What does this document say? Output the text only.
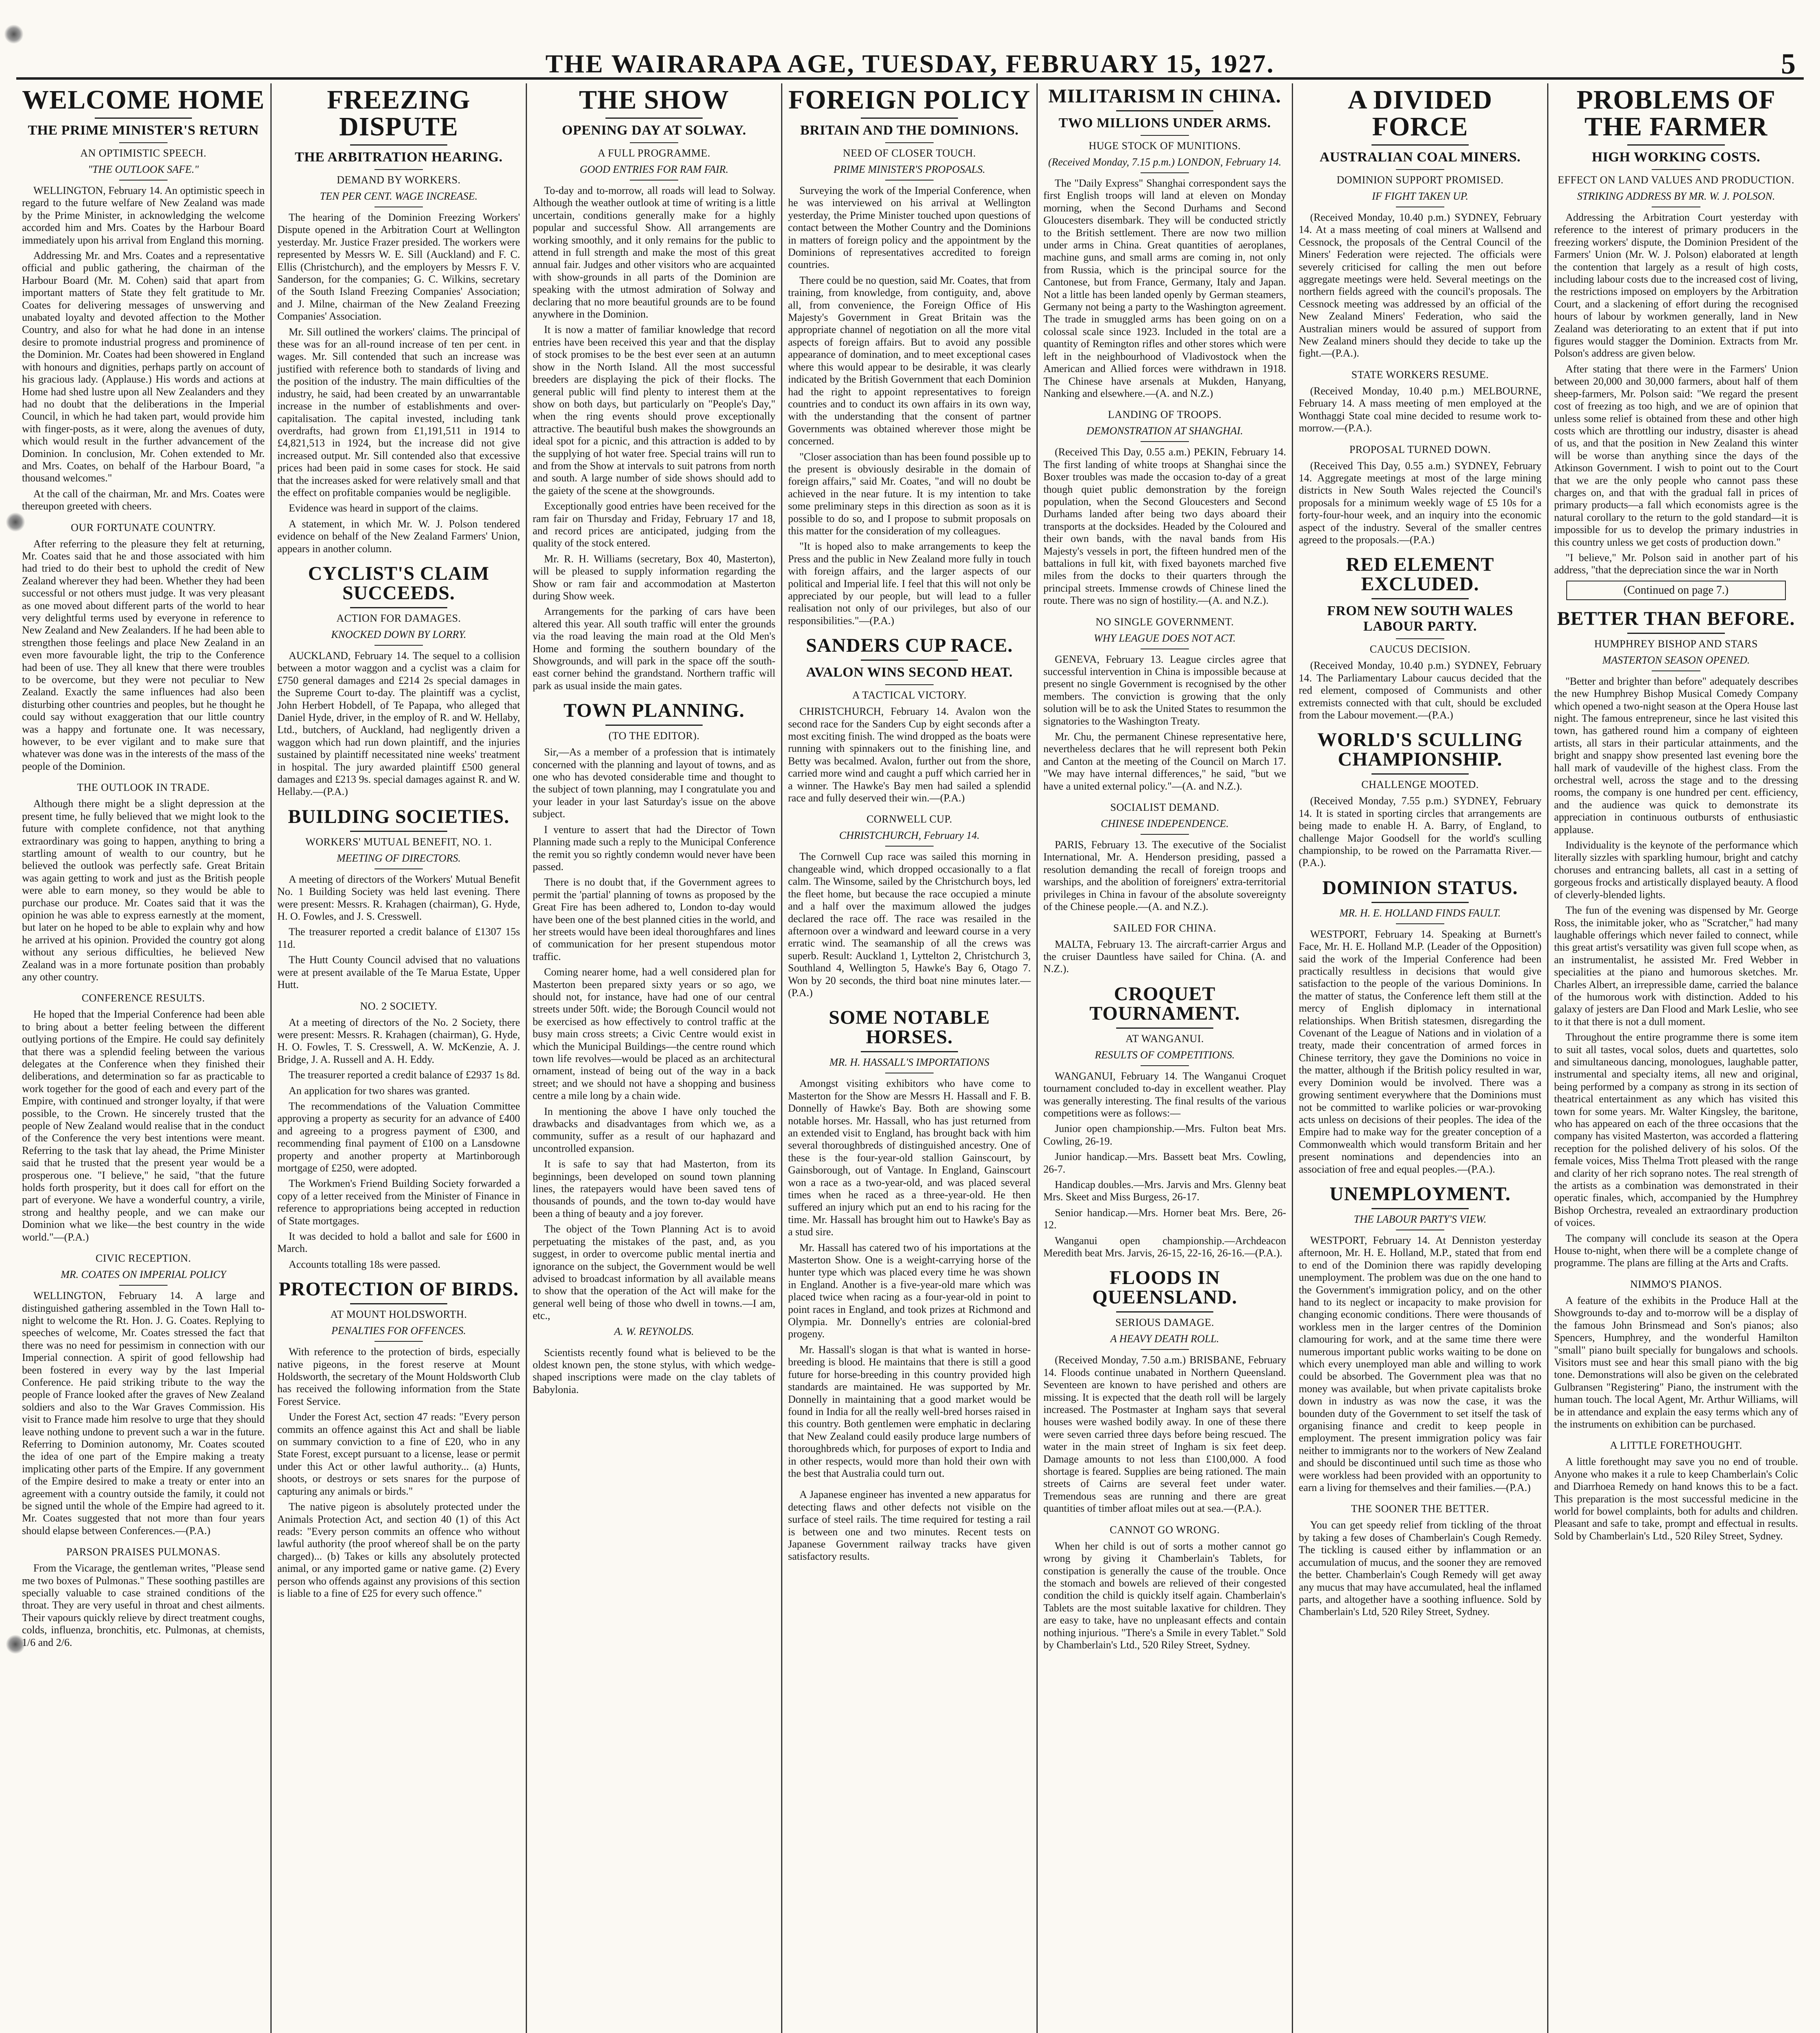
THE WAIRARAPA AGE, TUESDAY, FEBRUARY 15, 1927.	5
WELCOME HOME
THE PRIME MINISTER'S RETURN
AN OPTIMISTIC SPEECH.
"THE OUTLOOK SAFE."

WELLINGTON, February 14. An optimistic speech in regard to the future welfare of New Zealand was made by the Prime Minister, in acknowledging the welcome accorded him and Mrs. Coates by the Harbour Board immediately upon his arrival from England this morning.

Addressing Mr. and Mrs. Coates and a representative official and public gathering, the chairman of the Harbour Board (Mr. M. Cohen) said that apart from important matters of State they felt gratitude to Mr. Coates for delivering messages of unswerving and unabated loyalty and devoted affection to the Mother Country, and also for what he had done in an intense desire to promote industrial progress and prominence of the Dominion. Mr. Coates had been showered in England with honours and dignities, perhaps partly on account of his gracious lady. (Applause.) His words and actions at Home had shed lustre upon all New Zealanders and they had no doubt that the deliberations in the Imperial Council, in which he had taken part, would provide him with finger-posts, as it were, along the avenues of duty, which would result in the further advancement of the Dominion. In conclusion, Mr. Cohen extended to Mr. and Mrs. Coates, on behalf of the Harbour Board, "a thousand welcomes."

At the call of the chairman, Mr. and Mrs. Coates were thereupon greeted with cheers.

OUR FORTUNATE COUNTRY.

After referring to the pleasure they felt at returning, Mr. Coates said that he and those associated with him had tried to do their best to uphold the credit of New Zealand wherever they had been. Whether they had been successful or not others must judge. It was very pleasant as one moved about different parts of the world to hear very delightful terms used by everyone in reference to New Zealand and New Zealanders. If he had been able to strengthen those feelings and place New Zealand in an even more favourable light, the trip to the Conference had been of use. They all knew that there were troubles to be overcome, but they were not peculiar to New Zealand. Exactly the same influences had also been disturbing other countries and peoples, but he thought he could say without exaggeration that our little country was a happy and fortunate one. It was necessary, however, to be ever vigilant and to make sure that whatever was done was in the interests of the mass of the people of the Dominion.

THE OUTLOOK IN TRADE.

Although there might be a slight depression at the present time, he fully believed that we might look to the future with complete confidence, not that anything extraordinary was going to happen, anything to bring a startling amount of wealth to our country, but he believed the outlook was perfectly safe. Great Britain was again getting to work and just as the British people were able to earn money, so they would be able to purchase our produce. Mr. Coates said that it was the opinion he was able to express earnestly at the moment, but later on he hoped to be able to explain why and how he arrived at his opinion. Provided the country got along without any serious difficulties, he believed New Zealand was in a more fortunate position than probably any other country.

CONFERENCE RESULTS.

He hoped that the Imperial Conference had been able to bring about a better feeling between the different outlying portions of the Empire. He could say definitely that there was a splendid feeling between the various delegates at the Conference when they finished their deliberations, and determination so far as practicable to work together for the good of each and every part of the Empire, with continued and stronger loyalty, if that were possible, to the Crown. He sincerely trusted that the people of New Zealand would realise that in the conduct of the Conference the very best intentions were meant. Referring to the task that lay ahead, the Prime Minister said that he trusted that the present year would be a prosperous one. "I believe," he said, "that the future holds forth prosperity, but it does call for effort on the part of everyone. We have a wonderful country, a virile, strong and healthy people, and we can make our Dominion what we like—the best country in the wide world."—(P.A.)

CIVIC RECEPTION.
MR. COATES ON IMPERIAL POLICY

WELLINGTON, February 14. A large and distinguished gathering assembled in the Town Hall to-night to welcome the Rt. Hon. J. G. Coates. Replying to speeches of welcome, Mr. Coates stressed the fact that there was no need for pessimism in connection with our Imperial connection. A spirit of good fellowship had been fostered in every way by the last Imperial Conference. He paid striking tribute to the way the people of France looked after the graves of New Zealand soldiers and also to the War Graves Commission. His visit to France made him resolve to urge that they should leave nothing undone to prevent such a war in the future. Referring to Dominion autonomy, Mr. Coates scouted the idea of one part of the Empire making a treaty implicating other parts of the Empire. If any government of the Empire desired to make a treaty or enter into an agreement with a country outside the family, it could not be signed until the whole of the Empire had agreed to it. Mr. Coates suggested that not more than four years should elapse between Conferences.—(P.A.)

PARSON PRAISES PULMONAS.

From the Vicarage, the gentleman writes, "Please send me two boxes of Pulmonas." These soothing pastilles are specially valuable to case strained conditions of the throat. They are very useful in throat and chest ailments. Their vapours quickly relieve by direct treatment coughs, colds, influenza, bronchitis, etc. Pulmonas, at chemists, 1/6 and 2/6.

FREEZING DISPUTE
THE ARBITRATION HEARING.
DEMAND BY WORKERS.
TEN PER CENT. WAGE INCREASE.

The hearing of the Dominion Freezing Workers' Dispute opened in the Arbitration Court at Wellington yesterday. Mr. Justice Frazer presided. The workers were represented by Messrs W. E. Sill (Auckland) and F. C. Ellis (Christchurch), and the employers by Messrs F. V. Sanderson, for the companies; G. C. Wilkins, secretary of the South Island Freezing Companies' Association; and J. Milne, chairman of the New Zealand Freezing Companies' Association.

Mr. Sill outlined the workers' claims. The principal of these was for an all-round increase of ten per cent. in wages. Mr. Sill contended that such an increase was justified with reference both to standards of living and the position of the industry. The main difficulties of the industry, he said, had been created by an unwarrantable increase in the number of establishments and over-capitalisation. The capital invested, including tank overdrafts, had grown from £1,191,511 in 1914 to £4,821,513 in 1924, but the increase did not give increased output. Mr. Sill contended also that excessive prices had been paid in some cases for stock. He said that the increases asked for were relatively small and that the effect on profitable companies would be negligible.

Evidence was heard in support of the claims.

A statement, in which Mr. W. J. Polson tendered evidence on behalf of the New Zealand Farmers' Union, appears in another column.

CYCLIST'S CLAIM SUCCEEDS.
ACTION FOR DAMAGES.
KNOCKED DOWN BY LORRY.

AUCKLAND, February 14. The sequel to a collision between a motor waggon and a cyclist was a claim for £750 general damages and £214 2s special damages in the Supreme Court to-day. The plaintiff was a cyclist, John Herbert Hobdell, of Te Papapa, who alleged that Daniel Hyde, driver, in the employ of R. and W. Hellaby, Ltd., butchers, of Auckland, had negligently driven a waggon which had run down plaintiff, and the injuries sustained by plaintiff necessitated nine weeks' treatment in hospital. The jury awarded plaintiff £500 general damages and £213 9s. special damages against R. and W. Hellaby.—(P.A.)

BUILDING SOCIETIES.
WORKERS' MUTUAL BENEFIT, NO. 1.
MEETING OF DIRECTORS.

A meeting of directors of the Workers' Mutual Benefit No. 1 Building Society was held last evening. There were present: Messrs. R. Krahagen (chairman), G. Hyde, H. O. Fowles, and J. S. Cresswell.

The treasurer reported a credit balance of £1307 15s 11d.

The Hutt County Council advised that no valuations were at present available of the Te Marua Estate, Upper Hutt.

NO. 2 SOCIETY.

At a meeting of directors of the No. 2 Society, there were present: Messrs. R. Krahagen (chairman), G. Hyde, H. O. Fowles, T. S. Cresswell, A. W. McKenzie, A. J. Bridge, J. A. Russell and A. H. Eddy.

The treasurer reported a credit balance of £2937 1s 8d.

An application for two shares was granted.

The recommendations of the Valuation Committee approving a property as security for an advance of £400 and agreeing to a progress payment of £300, and recommending final payment of £100 on a Lansdowne property and another property at Martinborough mortgage of £250, were adopted.

The Workmen's Friend Building Society forwarded a copy of a letter received from the Minister of Finance in reference to appropriations being accepted in reduction of State mortgages.

It was decided to hold a ballot and sale for £600 in March.

Accounts totalling 18s were passed.

PROTECTION OF BIRDS.
AT MOUNT HOLDSWORTH.
PENALTIES FOR OFFENCES.

With reference to the protection of birds, especially native pigeons, in the forest reserve at Mount Holdsworth, the secretary of the Mount Holdsworth Club has received the following information from the State Forest Service.

Under the Forest Act, section 47 reads: "Every person commits an offence against this Act and shall be liable on summary conviction to a fine of £20, who in any State Forest, except pursuant to a license, lease or permit under this Act or other lawful authority... (a) Hunts, shoots, or destroys or sets snares for the purpose of capturing any animals or birds."

The native pigeon is absolutely protected under the Animals Protection Act, and section 40 (1) of this Act reads: "Every person commits an offence who without lawful authority (the proof whereof shall be on the party charged)... (b) Takes or kills any absolutely protected animal, or any imported game or native game. (2) Every person who offends against any provisions of this section is liable to a fine of £25 for every such offence."

THE SHOW
OPENING DAY AT SOLWAY.
A FULL PROGRAMME.
GOOD ENTRIES FOR RAM FAIR.

To-day and to-morrow, all roads will lead to Solway. Although the weather outlook at time of writing is a little uncertain, conditions generally make for a highly popular and successful Show. All arrangements are working smoothly, and it only remains for the public to attend in full strength and make the most of this great annual fair. Judges and other visitors who are acquainted with show-grounds in all parts of the Dominion are speaking with the utmost admiration of Solway and declaring that no more beautiful grounds are to be found anywhere in the Dominion.

It is now a matter of familiar knowledge that record entries have been received this year and that the display of stock promises to be the best ever seen at an autumn show in the North Island. All the most successful breeders are displaying the pick of their flocks. The general public will find plenty to interest them at the show on both days, but particularly on "People's Day," when the ring events should prove exceptionally attractive. The beautiful bush makes the showgrounds an ideal spot for a picnic, and this attraction is added to by the supplying of hot water free. Special trains will run to and from the Show at intervals to suit patrons from north and south. A large number of side shows should add to the gaiety of the scene at the showgrounds.

Exceptionally good entries have been received for the ram fair on Thursday and Friday, February 17 and 18, and record prices are anticipated, judging from the quality of the stock entered.

Mr. R. H. Williams (secretary, Box 40, Masterton), will be pleased to supply information regarding the Show or ram fair and accommodation at Masterton during Show week.

Arrangements for the parking of cars have been altered this year. All south traffic will enter the grounds via the road leaving the main road at the Old Men's Home and forming the southern boundary of the Showgrounds, and will park in the space off the south-east corner behind the grandstand. Northern traffic will park as usual inside the main gates.

TOWN PLANNING.
(TO THE EDITOR).

Sir,—As a member of a profession that is intimately concerned with the planning and layout of towns, and as one who has devoted considerable time and thought to the subject of town planning, may I congratulate you and your leader in your last Saturday's issue on the above subject.

I venture to assert that had the Director of Town Planning made such a reply to the Municipal Conference the remit you so rightly condemn would never have been passed.

There is no doubt that, if the Government agrees to permit the 'partial' planning of towns as proposed by the Great Fire has been adhered to, London to-day would have been one of the best planned cities in the world, and her streets would have been ideal thoroughfares and lines of communication for her present stupendous motor traffic.

Coming nearer home, had a well considered plan for Masterton been prepared sixty years or so ago, we should not, for instance, have had one of our central streets under 50ft. wide; the Borough Council would not be exercised as how effectively to control traffic at the busy main cross streets; a Civic Centre would exist in which the Municipal Buildings—the centre round which town life revolves—would be placed as an architectural ornament, instead of being out of the way in a back street; and we should not have a shopping and business centre a mile long by a chain wide.

In mentioning the above I have only touched the drawbacks and disadvantages from which we, as a community, suffer as a result of our haphazard and uncontrolled expansion.

It is safe to say that had Masterton, from its beginnings, been developed on sound town planning lines, the ratepayers would have been saved tens of thousands of pounds, and the town to-day would have been a thing of beauty and a joy forever.

The object of the Town Planning Act is to avoid perpetuating the mistakes of the past, and, as you suggest, in order to overcome public mental inertia and ignorance on the subject, the Government would be well advised to broadcast information by all available means to show that the operation of the Act will make for the general well being of those who dwell in towns.—I am, etc.,

A. W. REYNOLDS.

Scientists recently found what is believed to be the oldest known pen, the stone stylus, with which wedge-shaped inscriptions were made on the clay tablets of Babylonia.

FOREIGN POLICY
BRITAIN AND THE DOMINIONS.
NEED OF CLOSER TOUCH.
PRIME MINISTER'S PROPOSALS.

Surveying the work of the Imperial Conference, when he was interviewed on his arrival at Wellington yesterday, the Prime Minister touched upon questions of contact between the Mother Country and the Dominions in matters of foreign policy and the appointment by the Dominions of representatives accredited to foreign countries.

There could be no question, said Mr. Coates, that from training, from knowledge, from contiguity, and, above all, from convenience, the Foreign Office of His Majesty's Government in Great Britain was the appropriate channel of negotiation on all the more vital aspects of foreign affairs. But to avoid any possible appearance of domination, and to meet exceptional cases where this would appear to be desirable, it was clearly indicated by the British Government that each Dominion had the right to appoint representatives to foreign countries and to conduct its own affairs in its own way, with the understanding that the consent of partner Governments was obtained wherever those might be concerned.

"Closer association than has been found possible up to the present is obviously desirable in the domain of foreign affairs," said Mr. Coates, "and will no doubt be achieved in the near future. It is my intention to take some preliminary steps in this direction as soon as it is possible to do so, and I propose to submit proposals on this matter for the consideration of my colleagues.

"It is hoped also to make arrangements to keep the Press and the public in New Zealand more fully in touch with foreign affairs, and the larger aspects of our political and Imperial life. I feel that this will not only be appreciated by our people, but will lead to a fuller realisation not only of our privileges, but also of our responsibilities."—(P.A.)

SANDERS CUP RACE.
AVALON WINS SECOND HEAT.
A TACTICAL VICTORY.

CHRISTCHURCH, February 14. Avalon won the second race for the Sanders Cup by eight seconds after a most exciting finish. The wind dropped as the boats were running with spinnakers out to the finishing line, and Betty was becalmed. Avalon, further out from the shore, carried more wind and caught a puff which carried her in a winner. The Hawke's Bay men had sailed a splendid race and fully deserved their win.—(P.A.)

CORNWELL CUP.
CHRISTCHURCH, February 14.

The Cornwell Cup race was sailed this morning in changeable wind, which dropped occasionally to a flat calm. The Winsome, sailed by the Christchurch boys, led the fleet home, but because the race occupied a minute and a half over the maximum allowed the judges declared the race off. The race was resailed in the afternoon over a windward and leeward course in a very erratic wind. The seamanship of all the crews was superb. Result: Auckland 1, Lyttelton 2, Christchurch 3, Southland 4, Wellington 5, Hawke's Bay 6, Otago 7. Won by 20 seconds, the third boat nine minutes later.—(P.A.)

SOME NOTABLE HORSES.
MR. H. HASSALL'S IMPORTATIONS

Amongst visiting exhibitors who have come to Masterton for the Show are Messrs H. Hassall and F. B. Donnelly of Hawke's Bay. Both are showing some notable horses. Mr. Hassall, who has just returned from an extended visit to England, has brought back with him several thoroughbreds of distinguished ancestry. One of these is the four-year-old stallion Gainscourt, by Gainsborough, out of Vantage. In England, Gainscourt won a race as a two-year-old, and was placed several times when he raced as a three-year-old. He then suffered an injury which put an end to his racing for the time. Mr. Hassall has brought him out to Hawke's Bay as a stud sire.

Mr. Hassall has catered two of his importations at the Masterton Show. One is a weight-carrying horse of the hunter type which was placed every time he was shown in England. Another is a five-year-old mare which was placed twice when racing as a four-year-old in point to point races in England, and took prizes at Richmond and Olympia. Mr. Donnelly's entries are colonial-bred progeny.

Mr. Hassall's slogan is that what is wanted in horse-breeding is blood. He maintains that there is still a good future for horse-breeding in this country provided high standards are maintained. He was supported by Mr. Donnelly in maintaining that a good market would be found in India for all the really well-bred horses raised in this country. Both gentlemen were emphatic in declaring that New Zealand could easily produce large numbers of thoroughbreds which, for purposes of export to India and in other respects, would more than hold their own with the best that Australia could turn out.

A Japanese engineer has invented a new apparatus for detecting flaws and other defects not visible on the surface of steel rails. The time required for testing a rail is between one and two minutes. Recent tests on Japanese Government railway tracks have given satisfactory results.

MILITARISM IN CHINA.
TWO MILLIONS UNDER ARMS.
HUGE STOCK OF MUNITIONS.
(Received Monday, 7.15 p.m.) LONDON, February 14.

The "Daily Express" Shanghai correspondent says the first English troops will land at eleven on Monday morning, when the Second Durhams and Second Gloucesters disembark. They will be conducted strictly to the British settlement. There are now two million under arms in China. Great quantities of aeroplanes, machine guns, and small arms are coming in, not only from Russia, which is the principal source for the Cantonese, but from France, Germany, Italy and Japan. Not a little has been landed openly by German steamers, Germany not being a party to the Washington agreement. The trade in smuggled arms has been going on on a colossal scale since 1923. Included in the total are a quantity of Remington rifles and other stores which were left in the neighbourhood of Vladivostock when the American and Allied forces were withdrawn in 1918. The Chinese have arsenals at Mukden, Hanyang, Nanking and elsewhere.—(A. and N.Z.)

LANDING OF TROOPS.
DEMONSTRATION AT SHANGHAI.

(Received This Day, 0.55 a.m.) PEKIN, February 14. The first landing of white troops at Shanghai since the Boxer troubles was made the occasion to-day of a great though quiet public demonstration by the foreign population, when the Second Gloucesters and Second Durhams landed after being two days aboard their transports at the docksides. Headed by the Coloured and their own bands, with the naval bands from His Majesty's vessels in port, the fifteen hundred men of the battalions in full kit, with fixed bayonets marched five miles from the docks to their quarters through the principal streets. Immense crowds of Chinese lined the route. There was no sign of hostility.—(A. and N.Z.).

NO SINGLE GOVERNMENT.
WHY LEAGUE DOES NOT ACT.

GENEVA, February 13. League circles agree that successful intervention in China is impossible because at present no single Government is recognised by the other members. The conviction is growing that the only solution will be to ask the United States to resummon the signatories to the Washington Treaty.

Mr. Chu, the permanent Chinese representative here, nevertheless declares that he will represent both Pekin and Canton at the meeting of the Council on March 17. "We may have internal differences," he said, "but we have a united external policy."—(A. and N.Z.).

SOCIALIST DEMAND.
CHINESE INDEPENDENCE.

PARIS, February 13. The executive of the Socialist International, Mr. A. Henderson presiding, passed a resolution demanding the recall of foreign troops and warships, and the abolition of foreigners' extra-territorial privileges in China in favour of the absolute sovereignty of the Chinese people.—(A. and N.Z.).

SAILED FOR CHINA.

MALTA, February 13. The aircraft-carrier Argus and the cruiser Dauntless have sailed for China. (A. and N.Z.).

CROQUET TOURNAMENT.
AT WANGANUI.
RESULTS OF COMPETITIONS.

WANGANUI, February 14. The Wanganui Croquet tournament concluded to-day in excellent weather. Play was generally interesting. The final results of the various competitions were as follows:—

Junior open championship.—Mrs. Fulton beat Mrs. Cowling, 26-19.

Junior handicap.—Mrs. Bassett beat Mrs. Cowling, 26-7.

Handicap doubles.—Mrs. Jarvis and Mrs. Glenny beat Mrs. Skeet and Miss Burgess, 26-17.

Senior handicap.—Mrs. Horner beat Mrs. Bere, 26-12.

Wanganui open championship.—Archdeacon Meredith beat Mrs. Jarvis, 26-15, 22-16, 26-16.—(P.A.).

FLOODS IN QUEENSLAND.
SERIOUS DAMAGE.
A HEAVY DEATH ROLL.

(Received Monday, 7.50 a.m.) BRISBANE, February 14. Floods continue unabated in Northern Queensland. Seventeen are known to have perished and others are missing. It is expected that the death roll will be largely increased. The Postmaster at Ingham says that several houses were washed bodily away. In one of these there were seven carried three days before being rescued. The water in the main street of Ingham is six feet deep. Damage amounts to not less than £100,000. A food shortage is feared. Supplies are being rationed. The main streets of Cairns are several feet under water. Tremendous seas are running and there are great quantities of timber afloat miles out at sea.—(P.A.).

CANNOT GO WRONG.

When her child is out of sorts a mother cannot go wrong by giving it Chamberlain's Tablets, for constipation is generally the cause of the trouble. Once the stomach and bowels are relieved of their congested condition the child is quickly itself again. Chamberlain's Tablets are the most suitable laxative for children. They are easy to take, have no unpleasant effects and contain nothing injurious. "There's a Smile in every Tablet." Sold by Chamberlain's Ltd., 520 Riley Street, Sydney.

A DIVIDED FORCE
AUSTRALIAN COAL MINERS.
DOMINION SUPPORT PROMISED.
IF FIGHT TAKEN UP.

(Received Monday, 10.40 p.m.) SYDNEY, February 14. At a mass meeting of coal miners at Wallsend and Cessnock, the proposals of the Central Council of the Miners' Federation were rejected. The officials were severely criticised for calling the men out before aggregate meetings were held. Several meetings on the northern fields agreed with the council's proposals. The Cessnock meeting was addressed by an official of the New Zealand Miners' Federation, who said the Australian miners would be assured of support from New Zealand miners should they decide to take up the fight.—(P.A.).

STATE WORKERS RESUME.

(Received Monday, 10.40 p.m.) MELBOURNE, February 14. A mass meeting of men employed at the Wonthaggi State coal mine decided to resume work to-morrow.—(P.A.).

PROPOSAL TURNED DOWN.

(Received This Day, 0.55 a.m.) SYDNEY, February 14. Aggregate meetings at most of the large mining districts in New South Wales rejected the Council's proposals for a minimum weekly wage of £5 10s for a forty-four-hour week, and an inquiry into the economic aspect of the industry. Several of the smaller centres agreed to the proposals.—(P.A.)

RED ELEMENT EXCLUDED.
FROM NEW SOUTH WALES LABOUR PARTY.
CAUCUS DECISION.

(Received Monday, 10.40 p.m.) SYDNEY, February 14. The Parliamentary Labour caucus decided that the red element, composed of Communists and other extremists connected with that cult, should be excluded from the Labour movement.—(P.A.)

WORLD'S SCULLING CHAMPIONSHIP.
CHALLENGE MOOTED.

(Received Monday, 7.55 p.m.) SYDNEY, February 14. It is stated in sporting circles that arrangements are being made to enable H. A. Barry, of England, to challenge Major Goodsell for the world's sculling championship, to be rowed on the Parramatta River.—(P.A.).

DOMINION STATUS.
MR. H. E. HOLLAND FINDS FAULT.

WESTPORT, February 14. Speaking at Burnett's Face, Mr. H. E. Holland M.P. (Leader of the Opposition) said the work of the Imperial Conference had been practically resultless in decisions that would give satisfaction to the people of the various Dominions. In the matter of status, the Conference left them still at the mercy of English diplomacy in international relationships. When British statesmen, disregarding the Covenant of the League of Nations and in violation of a treaty, made their concentration of armed forces in Chinese territory, they gave the Dominions no voice in the matter, although if the British policy resulted in war, every Dominion would be involved. There was a growing sentiment everywhere that the Dominions must not be committed to warlike policies or war-provoking acts unless on decisions of their peoples. The idea of the Empire had to make way for the greater conception of a Commonwealth which would transform Britain and her present nominations and dependencies into an association of free and equal peoples.—(P.A.).

UNEMPLOYMENT.
THE LABOUR PARTY'S VIEW.

WESTPORT, February 14. At Denniston yesterday afternoon, Mr. H. E. Holland, M.P., stated that from end to end of the Dominion there was rapidly developing unemployment. The problem was due on the one hand to the Government's immigration policy, and on the other hand to its neglect or incapacity to make provision for changing economic conditions. There were thousands of workless men in the larger centres of the Dominion clamouring for work, and at the same time there were numerous important public works waiting to be done on which every unemployed man able and willing to work could be absorbed. The Government plea was that no money was available, but when private capitalists broke down in industry as was now the case, it was the bounden duty of the Government to set itself the task of organising finance and credit to keep people in employment. The present immigration policy was fair neither to immigrants nor to the workers of New Zealand and should be discontinued until such time as those who were workless had been provided with an opportunity to earn a living for themselves and their families.—(P.A.)

THE SOONER THE BETTER.

You can get speedy relief from tickling of the throat by taking a few doses of Chamberlain's Cough Remedy. The tickling is caused either by inflammation or an accumulation of mucus, and the sooner they are removed the better. Chamberlain's Cough Remedy will get away any mucus that may have accumulated, heal the inflamed parts, and altogether have a soothing influence. Sold by Chamberlain's Ltd, 520 Riley Street, Sydney.

PROBLEMS OF THE FARMER
HIGH WORKING COSTS.
EFFECT ON LAND VALUES AND PRODUCTION.
STRIKING ADDRESS BY MR. W. J. POLSON.

Addressing the Arbitration Court yesterday with reference to the interest of primary producers in the freezing workers' dispute, the Dominion President of the Farmers' Union (Mr. W. J. Polson) elaborated at length the contention that largely as a result of high costs, including labour costs due to the increased cost of living, the restrictions imposed on employers by the Arbitration Court, and a slackening of effort during the recognised hours of labour by workmen generally, land in New Zealand was deteriorating to an extent that if put into figures would stagger the Dominion. Extracts from Mr. Polson's address are given below.

After stating that there were in the Farmers' Union between 20,000 and 30,000 farmers, about half of them sheep-farmers, Mr. Polson said: "We regard the present cost of freezing as too high, and we are of opinion that unless some relief is obtained from these and other high costs which are throttling our industry, disaster is ahead of us, and that the position in New Zealand this winter will be worse than anything since the days of the Atkinson Government. I wish to point out to the Court that we are the only people who cannot pass these charges on, and that with the gradual fall in prices of primary products—a fall which economists agree is the natural corollary to the return to the gold standard—it is impossible for us to develop the primary industries in this country unless we get costs of production down."

"I believe," Mr. Polson said in another part of his address, "that the depreciation since the war in North

(Continued on page 7.)
BETTER THAN BEFORE.
HUMPHREY BISHOP AND STARS
MASTERTON SEASON OPENED.

"Better and brighter than before" adequately describes the new Humphrey Bishop Musical Comedy Company which opened a two-night season at the Opera House last night. The famous entrepreneur, since he last visited this town, has gathered round him a company of eighteen artists, all stars in their particular attainments, and the bright and snappy show presented last evening bore the hall mark of vaudeville of the highest class. From the orchestral well, across the stage and to the dressing rooms, the company is one hundred per cent. efficiency, and the audience was quick to demonstrate its appreciation in continuous outbursts of enthusiastic applause.

Individuality is the keynote of the performance which literally sizzles with sparkling humour, bright and catchy choruses and entrancing ballets, all cast in a setting of gorgeous frocks and artistically displayed beauty. A flood of cleverly-blended lights.

The fun of the evening was dispensed by Mr. George Ross, the inimitable joker, who as "Scratcher," had many laughable offerings which never failed to connect, while this great artist's versatility was given full scope when, as an instrumentalist, he assisted Mr. Fred Webber in specialities at the piano and humorous sketches. Mr. Charles Albert, an irrepressible dame, carried the balance of the humorous work with distinction. Added to his galaxy of jesters are Dan Flood and Mark Leslie, who see to it that there is not a dull moment.

Throughout the entire programme there is some item to suit all tastes, vocal solos, duets and quartettes, solo and simultaneous dancing, monologues, laughable patter, instrumental and specialty items, all new and original, being performed by a company as strong in its section of theatrical entertainment as any which has visited this town for some years. Mr. Walter Kingsley, the baritone, who has appeared on each of the three occasions that the company has visited Masterton, was accorded a flattering reception for the polished delivery of his solos. Of the female voices, Miss Thelma Trott pleased with the range and clarity of her rich soprano notes. The real strength of the artists as a combination was demonstrated in their operatic finales, which, accompanied by the Humphrey Bishop Orchestra, revealed an extraordinary production of voices.

The company will conclude its season at the Opera House to-night, when there will be a complete change of programme. The plans are filling at the Arts and Crafts.

NIMMO'S PIANOS.

A feature of the exhibits in the Produce Hall at the Showgrounds to-day and to-morrow will be a display of the famous John Brinsmead and Son's pianos; also Spencers, Humphrey, and the wonderful Hamilton "small" piano built specially for bungalows and schools. Visitors must see and hear this small piano with the big tone. Demonstrations will also be given on the celebrated Gulbransen "Registering" Piano, the instrument with the human touch. The local Agent, Mr. Arthur Williams, will be in attendance and explain the easy terms which any of the instruments on exhibition can be purchased.

A LITTLE FORETHOUGHT.

A little forethought may save you no end of trouble. Anyone who makes it a rule to keep Chamberlain's Colic and Diarrhoea Remedy on hand knows this to be a fact. This preparation is the most successful medicine in the world for bowel complaints, both for adults and children. Pleasant and safe to take, prompt and effectual in results. Sold by Chamberlain's Ltd., 520 Riley Street, Sydney.
